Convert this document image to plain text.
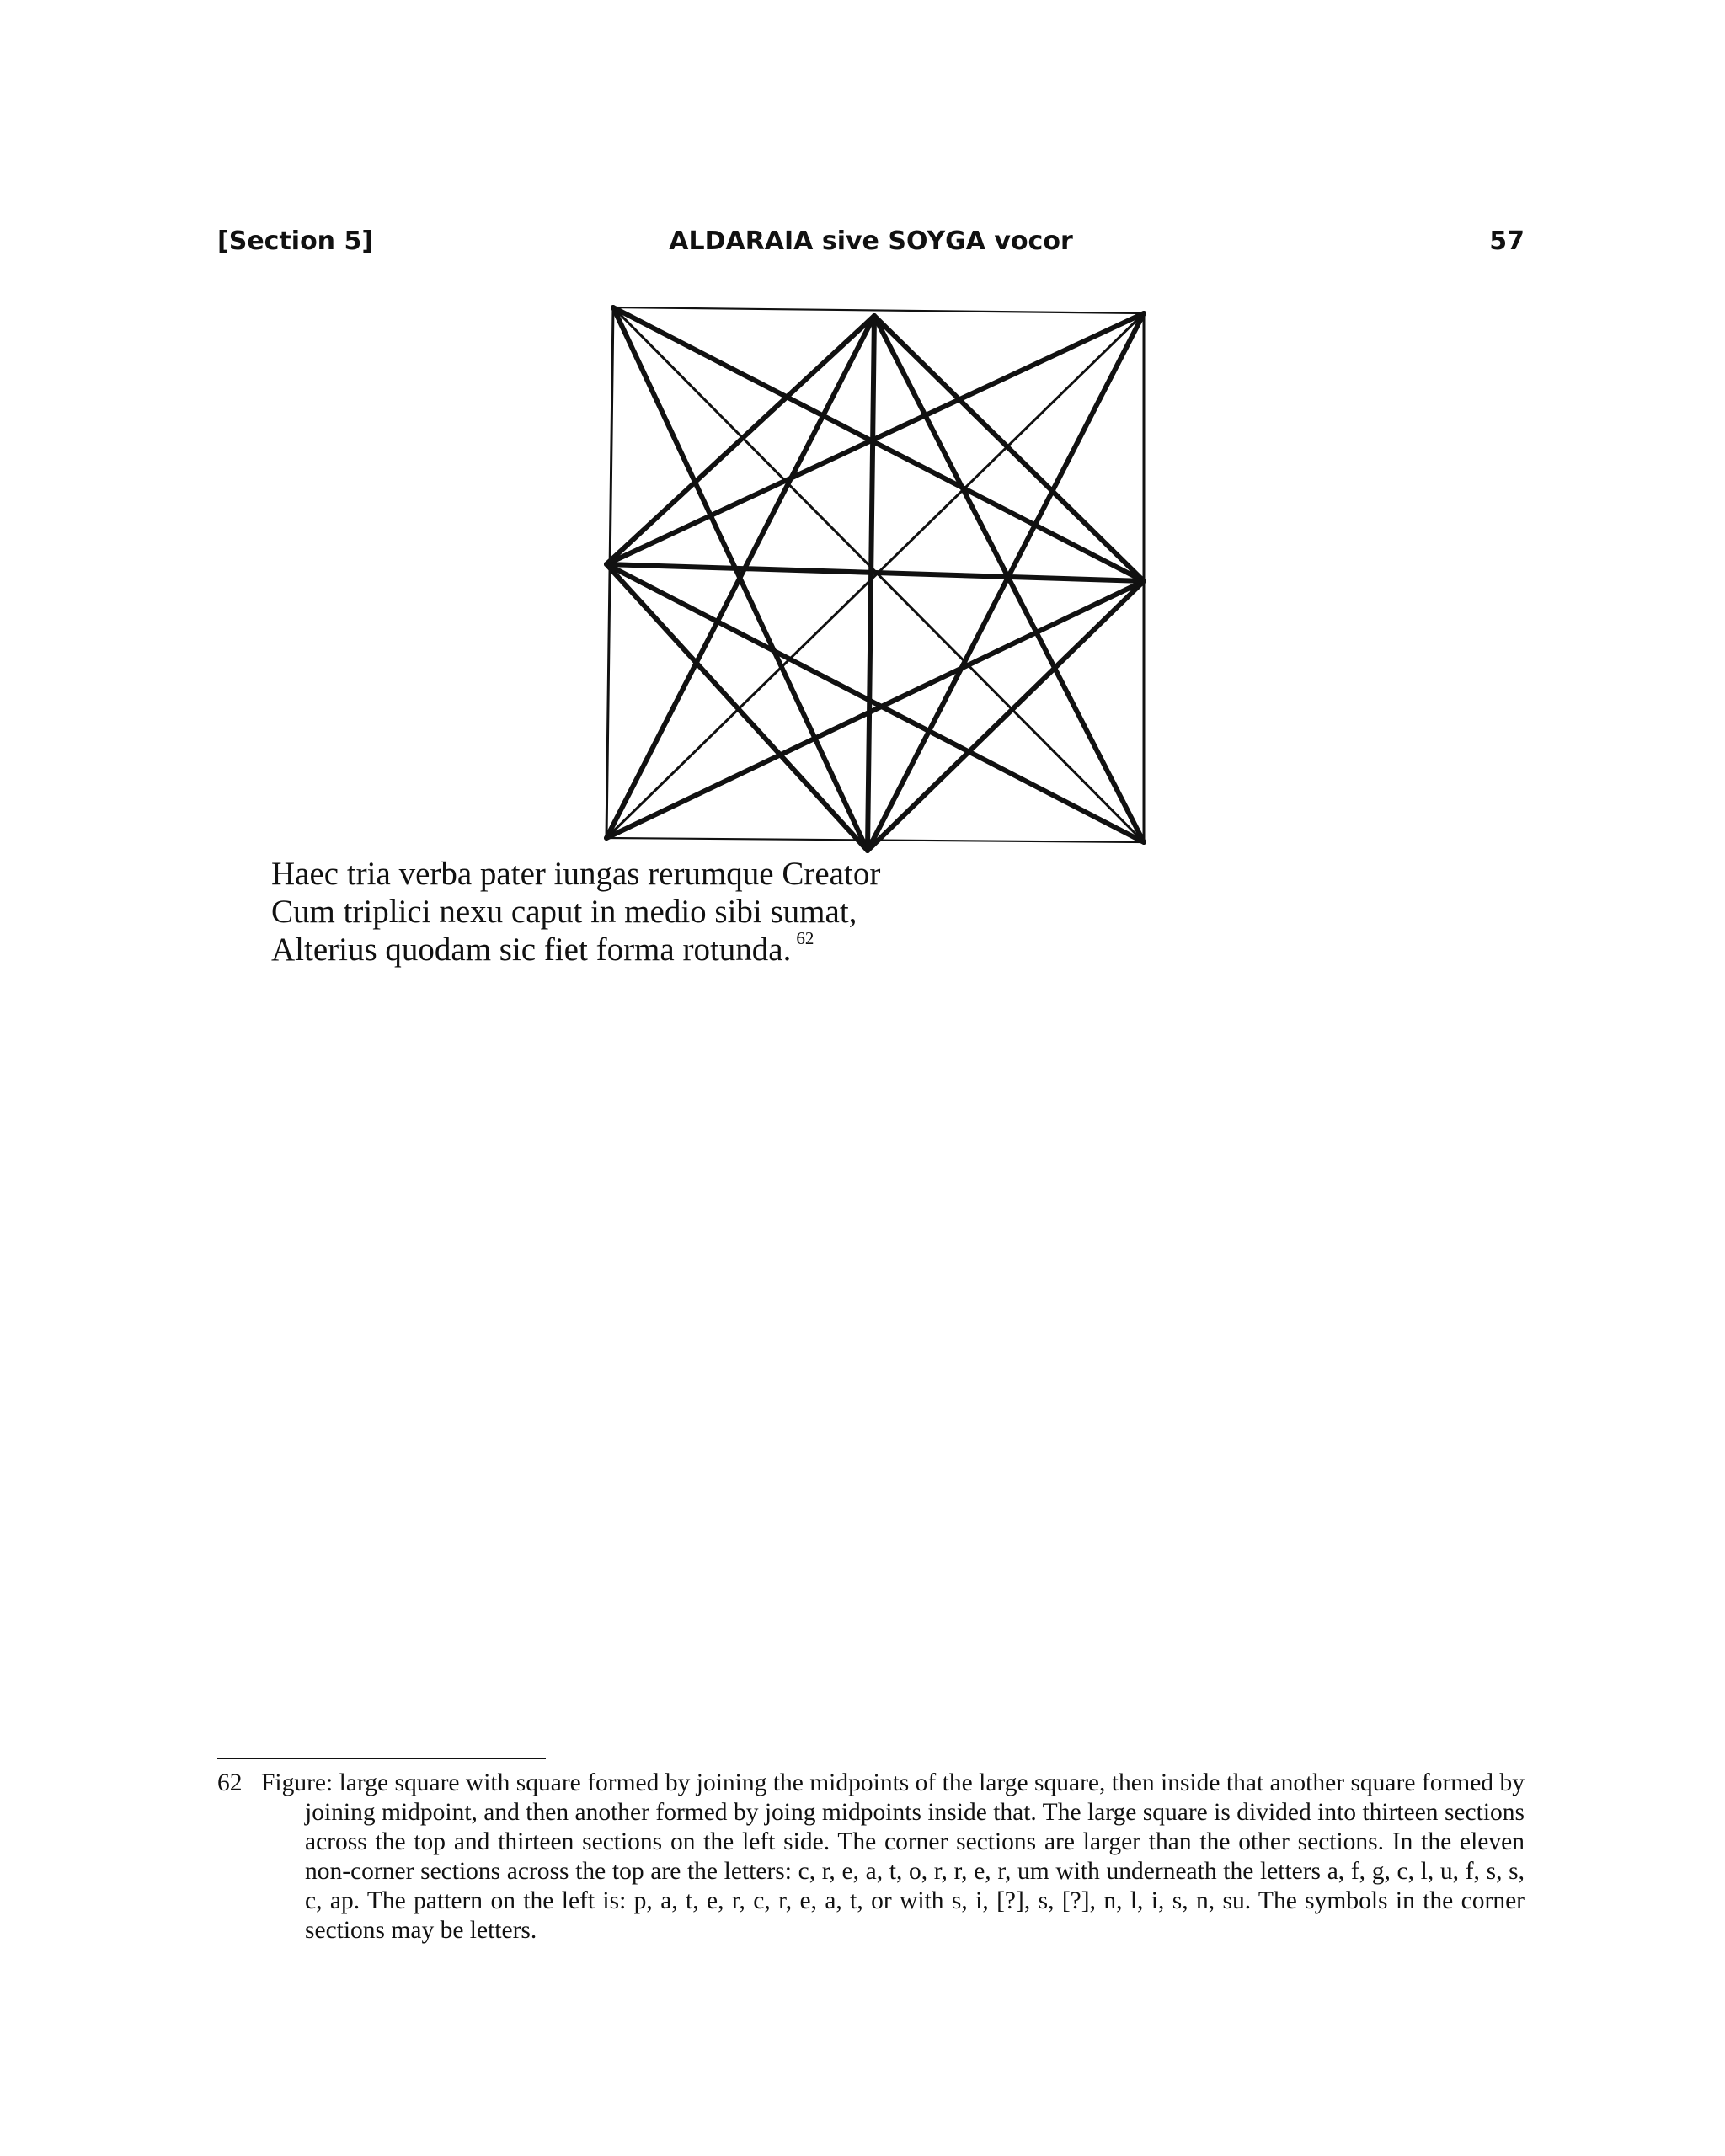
[Section 5]	ALDARAIA sive SOYGA vocor	57
Haec tria verba pater iungas rerumque Creator
Cum triplici nexu caput in medio sibi sumat,
Alterius quodam sic fiet forma rotunda. $^{62}$
62 Figure: large square with square formed by joining the midpoints of the large square, then inside that another square formed by joining midpoint, and then another formed by joing midpoints inside that. The large square is divided into thirteen sections across the top and thirteen sections on the left side. The corner sections are larger than the other sections. In the eleven non-corner sections across the top are the letters: c, r, e, a, t, o, r, r, e, r, um with underneath the letters a, f, g, c, l, u, f, s, s, c, ap. The pattern on the left is: p, a, t, e, r, c, r, e, a, t, or with s, i, [?], s, [?], n, l, i, s, n, su. The symbols in the corner sections may be letters.
